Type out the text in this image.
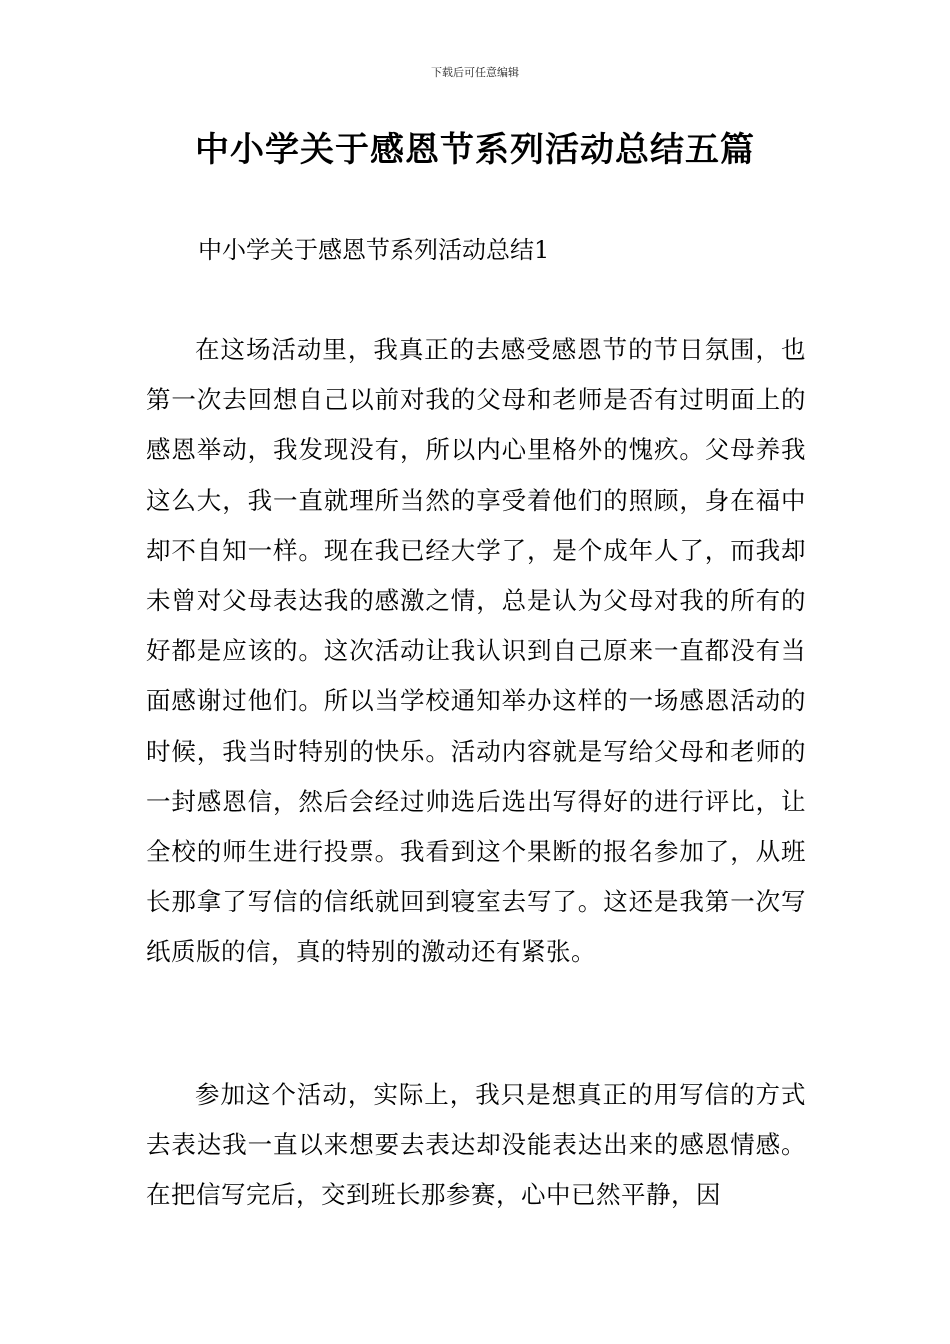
下载后可任意编辑
中小学关于感恩节系列活动总结五篇
中小学关于感恩节系列活动总结1

在这场活动里，我真正的去感受感恩节的节日氛围，也第一次去回想自己以前对我的父母和老师是否有过明面上的感恩举动，我发现没有，所以内心里格外的愧疚。父母养我这么大，我一直就理所当然的享受着他们的照顾，身在福中却不自知一样。现在我已经大学了，是个成年人了，而我却未曾对父母表达我的感激之情，总是认为父母对我的所有的好都是应该的。这次活动让我认识到自己原来一直都没有当面感谢过他们。所以当学校通知举办这样的一场感恩活动的时候，我当时特别的快乐。活动内容就是写给父母和老师的一封感恩信，然后会经过帅选后选出写得好的进行评比，让全校的师生进行投票。我看到这个果断的报名参加了，从班长那拿了写信的信纸就回到寝室去写了。这还是我第一次写纸质版的信，真的特别的激动还有紧张。

参加这个活动，实际上，我只是想真正的用写信的方式去表达我一直以来想要去表达却没能表达出来的感恩情感。在把信写完后，交到班长那参赛，心中已然平静，因
